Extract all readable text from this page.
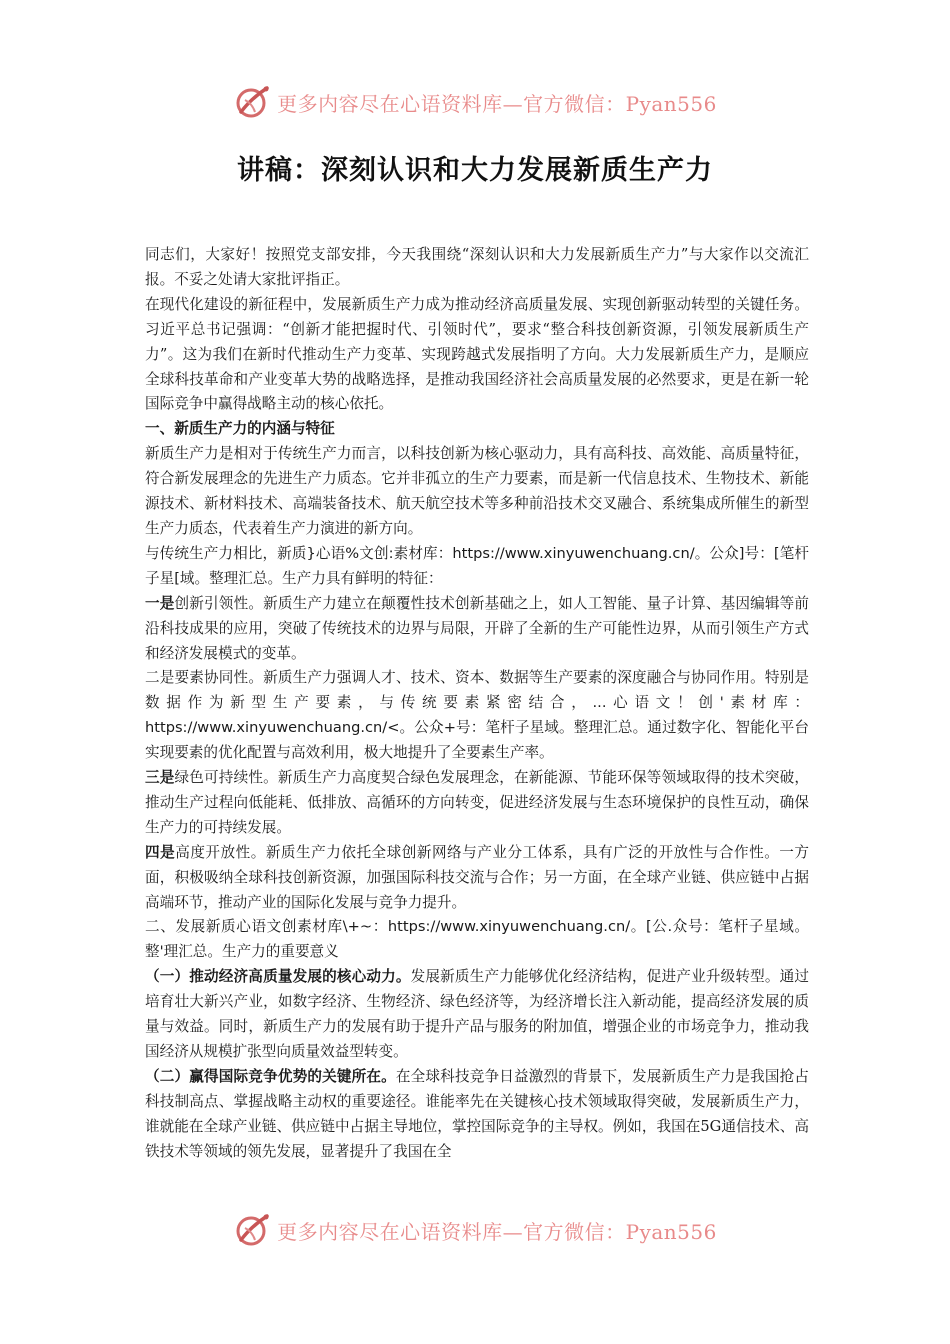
更多内容尽在心语资料库—官方微信：Pyan556
讲稿：深刻认识和大力发展新质生产力

同志们，大家好！按照党支部安排，今天我围绕“深刻认识和大力发展新质生产力”与大家作以交流汇报。不妥之处请大家批评指正。

在现代化建设的新征程中，发展新质生产力成为推动经济高质量发展、实现创新驱动转型的关键任务。习近平总书记强调：“创新才能把握时代、引领时代”，要求“整合科技创新资源，引领发展新质生产力”。这为我们在新时代推动生产力变革、实现跨越式发展指明了方向。大力发展新质生产力，是顺应全球科技革命和产业变革大势的战略选择，是推动我国经济社会高质量发展的必然要求，更是在新一轮国际竞争中赢得战略主动的核心依托。

一、新质生产力的内涵与特征

新质生产力是相对于传统生产力而言，以科技创新为核心驱动力，具有高科技、高效能、高质量特征，符合新发展理念的先进生产力质态。它并非孤立的生产力要素，而是新一代信息技术、生物技术、新能源技术、新材料技术、高端装备技术、航天航空技术等多种前沿技术交叉融合、系统集成所催生的新型生产力质态，代表着生产力演进的新方向。

与传统生产力相比，新质}心语%文创:素材库：https://www.xinyuwenchuang.cn/。公众]号：[笔杆子星[域。整理汇总。生产力具有鲜明的特征：

一是创新引领性。新质生产力建立在颠覆性技术创新基础之上，如人工智能、量子计算、基因编辑等前沿科技成果的应用，突破了传统技术的边界与局限，开辟了全新的生产可能性边界，从而引领生产方式和经济发展模式的变革。

二是要素协同性。新质生产力强调人才、技术、资本、数据等生产要素的深度融合与协同作用。特别是数据作为新型生产要素，与传统要素紧密结合，...心语文！创'素材库：https://www.xinyuwenchuang.cn/<。公众+号：笔杆子星域。整理汇总。通过数字化、智能化平台实现要素的优化配置与高效利用，极大地提升了全要素生产率。

三是绿色可持续性。新质生产力高度契合绿色发展理念，在新能源、节能环保等领域取得的技术突破，推动生产过程向低能耗、低排放、高循环的方向转变，促进经济发展与生态环境保护的良性互动，确保生产力的可持续发展。

四是高度开放性。新质生产力依托全球创新网络与产业分工体系，具有广泛的开放性与合作性。一方面，积极吸纳全球科技创新资源，加强国际科技交流与合作；另一方面，在全球产业链、供应链中占据高端环节，推动产业的国际化发展与竞争力提升。

二、发展新质心语文创素材库\+~：https://www.xinyuwenchuang.cn/。[公.众号：笔杆子星域。整'理汇总。生产力的重要意义

（一）推动经济高质量发展的核心动力。发展新质生产力能够优化经济结构，促进产业升级转型。通过培育壮大新兴产业，如数字经济、生物经济、绿色经济等，为经济增长注入新动能，提高经济发展的质量与效益。同时，新质生产力的发展有助于提升产品与服务的附加值，增强企业的市场竞争力，推动我国经济从规模扩张型向质量效益型转变。

（二）赢得国际竞争优势的关键所在。在全球科技竞争日益激烈的背景下，发展新质生产力是我国抢占科技制高点、掌握战略主动权的重要途径。谁能率先在关键核心技术领域取得突破，发展新质生产力，谁就能在全球产业链、供应链中占据主导地位，掌控国际竞争的主导权。例如，我国在5G通信技术、高铁技术等领域的领先发展，显著提升了我国在全

更多内容尽在心语资料库—官方微信：Pyan556
